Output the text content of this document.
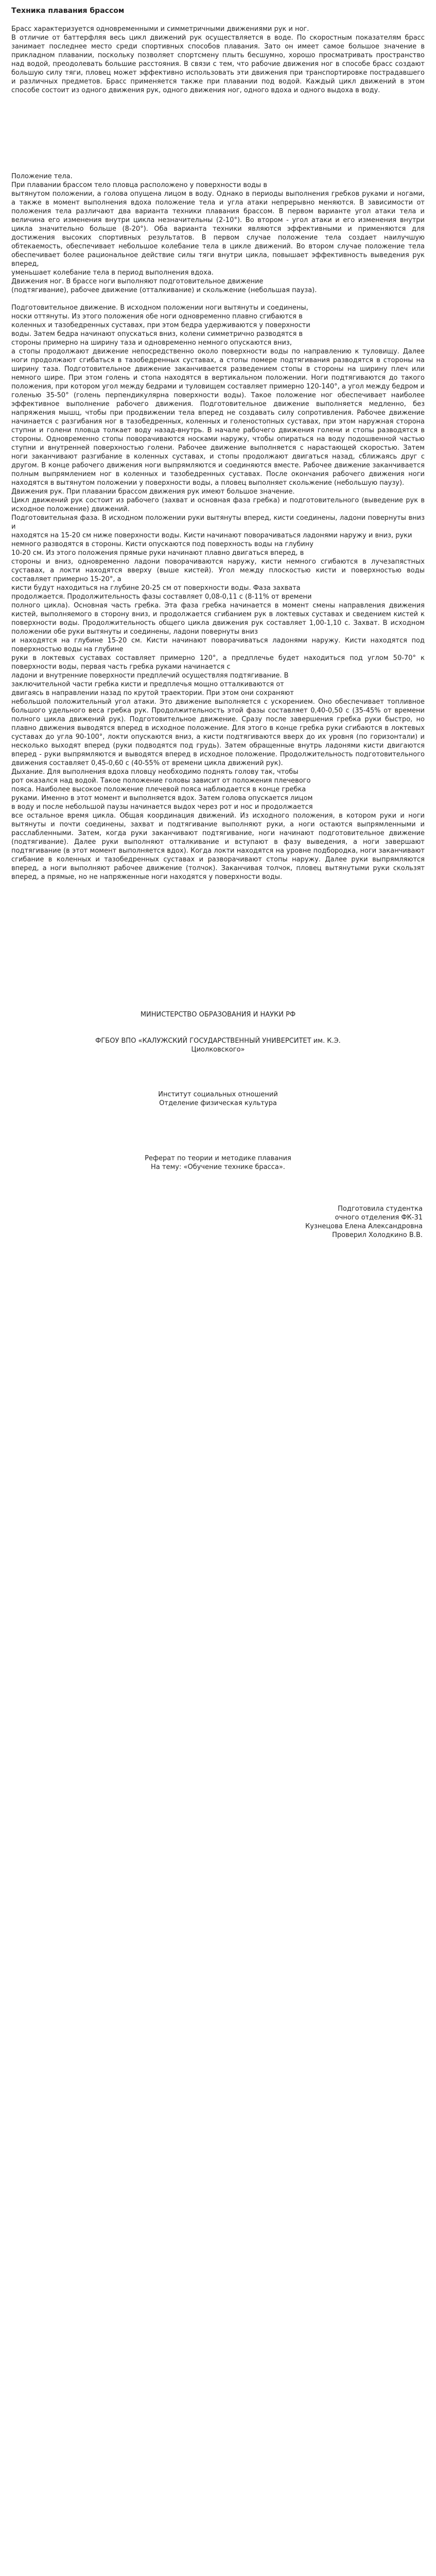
Техника плавания брассом

Брасс характеризуется одновременными и симметричными движениями рук и ног.

В отличие от баттерфляя весь цикл движений рук осуществляется в воде. По скоростным показателям брасс занимает последнее место среди спортивных способов плавания. Зато он имеет самое большое значение в прикладном плавании, поскольку позволяет спортсмену плыть бесшумно, хорошо просматривать пространство над водой, преодолевать большие расстояния. В связи с тем, что рабочие движения ног в способе брасс создают большую силу тяги, пловец может эффективно использовать эти движения при транспортировке пострадавшего и различных предметов. Брасс применяется также при плавании под водой. Каждый цикл движений в этом способе состоит из одного движения рук, одного движения ног, одного вдоха и одного выдоха в воду.

Положение тела.

При плавании брассом тело пловца расположено у поверхности воды в

вытянутом положении, а голова опущена лицом в воду. Однако в периоды выполнения гребков руками и ногами, а также в момент выполнения вдоха положение тела и угла атаки непрерывно меняются. В зависимости от положения тела различают два варианта техники плавания брассом. В первом варианте угол атаки тела и величина его изменения внутри цикла незначительны (2-10°). Во втором - угол атаки и его изменения внутри цикла значительно больше (8-20°). Оба варианта техники являются эффективными и применяются для достижения высоких спортивных результатов. В первом случае положение тела создает наилучшую обтекаемость, обеспечивает небольшое колебание тела в цикле движений. Во втором случае положение тела обеспечивает более рациональное действие силы тяги внутри цикла, повышает эффективность выведения рук вперед,

уменьшает колебание тела в период выполнения вдоха.

Движения ног. В брассе ноги выполняют подготовительное движение

(подтягивание), рабочее движение (отталкивание) и скольжение (небольшая пауза).

Подготовительное движение. В исходном положении ноги вытянуты и соединены,

носки оттянуты. Из этого положения обе ноги одновременно плавно сгибаются в

коленных и тазобедренных суставах, при этом бедра удерживаются у поверхности

воды. Затем бедра начинают опускаться вниз, колени симметрично разводятся в

стороны примерно на ширину таза и одновременно немного опускаются вниз,

а стопы продолжают движение непосредственно около поверхности воды по направлению к туловищу. Далее ноги продолжают сгибаться в тазобедренных суставах, а стопы помере подтягивания разводятся в стороны на ширину таза. Подготовительное движение заканчивается разведением стопы в стороны на ширину плеч или немного шире. При этом голень и стопа находятся в вертикальном положении. Ноги подтягиваются до такого положения, при котором угол между бедрами и туловищем составляет примерно 120-140°, а угол между бедром и голенью 35-50° (голень перпендикулярна поверхности воды). Такое положение ног обеспечивает наиболее эффективное выполнение рабочего движения. Подготовительное движение выполняется медленно, без напряжения мышц, чтобы при продвижении тела вперед не создавать силу сопротивления. Рабочее движение начинается с разгибания ног в тазобедренных, коленных и голеностопных суставах, при этом наружная сторона ступни и голени пловца толкает воду назад-внутрь. В начале рабочего движения голени и стопы разводятся в стороны. Одновременно стопы поворачиваются носками наружу, чтобы опираться на воду подошвенной частью ступни и внутренней поверхностью голени. Рабочее движение выполняется с нарастающей скоростью. Затем ноги заканчивают разгибание в коленных суставах, и стопы продолжают двигаться назад, сближаясь друг с другом. В конце рабочего движения ноги выпрямляются и соединяются вместе. Рабочее движение заканчивается полным выпрямлением ног в коленных и тазобедренных суставах. После окончания рабочего движения ноги находятся в вытянутом положении у поверхности воды, а пловец выполняет скольжение (небольшую паузу).

Движения рук. При плавании брассом движения рук имеют большое значение.

Цикл движений рук состоит из рабочего (захват и основная фаза гребка) и подготовительного (выведение рук в исходное положение) движений.

Подготовительная фаза. В исходном положении руки вытянуты вперед, кисти соединены, ладони повернуты вниз и

находятся на 15-20 см ниже поверхности воды. Кисти начинают поворачиваться ладонями наружу и вниз, руки

немного разводятся в стороны. Кисти опускаются под поверхность воды на глубину

10-20 см. Из этого положения прямые руки начинают плавно двигаться вперед, в

стороны и вниз, одновременно ладони поворачиваются наружу, кисти немного сгибаются в лучезапястных суставах, а локти находятся вверху (выше кистей). Угол между плоскостью кисти и поверхностью воды составляет примерно 15-20°, а

кисти будут находиться на глубине 20-25 см от поверхности воды. Фаза захвата

продолжается. Продолжительность фазы составляет 0,08-0,11 с (8-11% от времени

полного цикла). Основная часть гребка. Эта фаза гребка начинается в момент смены направления движения кистей, выполняемого в сторону вниз, и продолжается сгибанием рук в локтевых суставах и сведением кистей к поверхности воды. Продолжительность общего цикла движения рук составляет 1,00-1,10 с. Захват. В исходном положении обе руки вытянуты и соединены, ладони повернуты вниз

и находятся на глубине 15-20 см. Кисти начинают поворачиваться ладонями наружу. Кисти находятся под поверхностью воды на глубине

руки в локтевых суставах составляет примерно 120°, а предплечье будет находиться под углом 50-70° к поверхности воды, первая часть гребка руками начинается с

ладони и внутренние поверхности предплечий осуществляя подтягивание. В

заключительной части гребка кисти и предплечья мощно отталкиваются от

двигаясь в направлении назад по крутой траектории. При этом они сохраняют

небольшой положительный угол атаки. Это движение выполняется с ускорением. Оно обеспечивает топливное большого удельного веса гребка рук. Продолжительность этой фазы составляет 0,40-0,50 с (35-45% от времени полного цикла движений рук). Подготовительное движение. Сразу после завершения гребка руки быстро, но плавно движения выводятся вперед в исходное положение. Для этого в конце гребка руки сгибаются в локтевых суставах до угла 90-100°, локти опускаются вниз, а кисти подтягиваются вверх до их уровня (по горизонтали) и несколько выходят вперед (руки подводятся под грудь). Затем обращенные внутрь ладонями кисти двигаются вперед - руки выпрямляются и выводятся вперед в исходное положение. Продолжительность подготовительного движения составляет 0,45-0,60 с (40-55% от времени цикла движений рук).

Дыхание. Для выполнения вдоха пловцу необходимо поднять голову так, чтобы

рот оказался над водой. Такое положение головы зависит от положения плечевого

пояса. Наиболее высокое положение плечевой пояса наблюдается в конце гребка

руками. Именно в этот момент и выполняется вдох. Затем голова опускается лицом

в воду и после небольшой паузы начинается выдох через рот и нос и продолжается

все остальное время цикла. Общая координация движений. Из исходного положения, в котором руки и ноги вытянуты и почти соединены, захват и подтягивание выполняют руки, а ноги остаются выпрямленными и расслабленными. Затем, когда руки заканчивают подтягивание, ноги начинают подготовительное движение (подтягивание). Далее руки выполняют отталкивание и вступают в фазу выведения, а ноги завершают подтягивание (в этот момент выполняется вдох). Когда локти находятся на уровне подбородка, ноги заканчивают сгибание в коленных и тазобедренных суставах и разворачивают стопы наружу. Далее руки выпрямляются вперед, а ноги выполняют рабочее движение (толчок). Заканчивая толчок, пловец вытянутыми руки скользят вперед, а прямые, но не напряженные ноги находятся у поверхности воды.

МИНИСТЕРСТВО ОБРАЗОВАНИЯ И НАУКИ РФ
ФГБОУ ВПО «КАЛУЖСКИЙ ГОСУДАРСТВЕННЫЙ УНИВЕРСИТЕТ им. К.Э.
Циолковского»
Институт социальных отношений
Отделение физическая культура
Реферат по теории и методике плавания
На тему: «Обучение технике брасса».
Подготовила студентка
очного отделения ФК-31
Кузнецова Елена Александровна
Проверил Холодкино В.В.
